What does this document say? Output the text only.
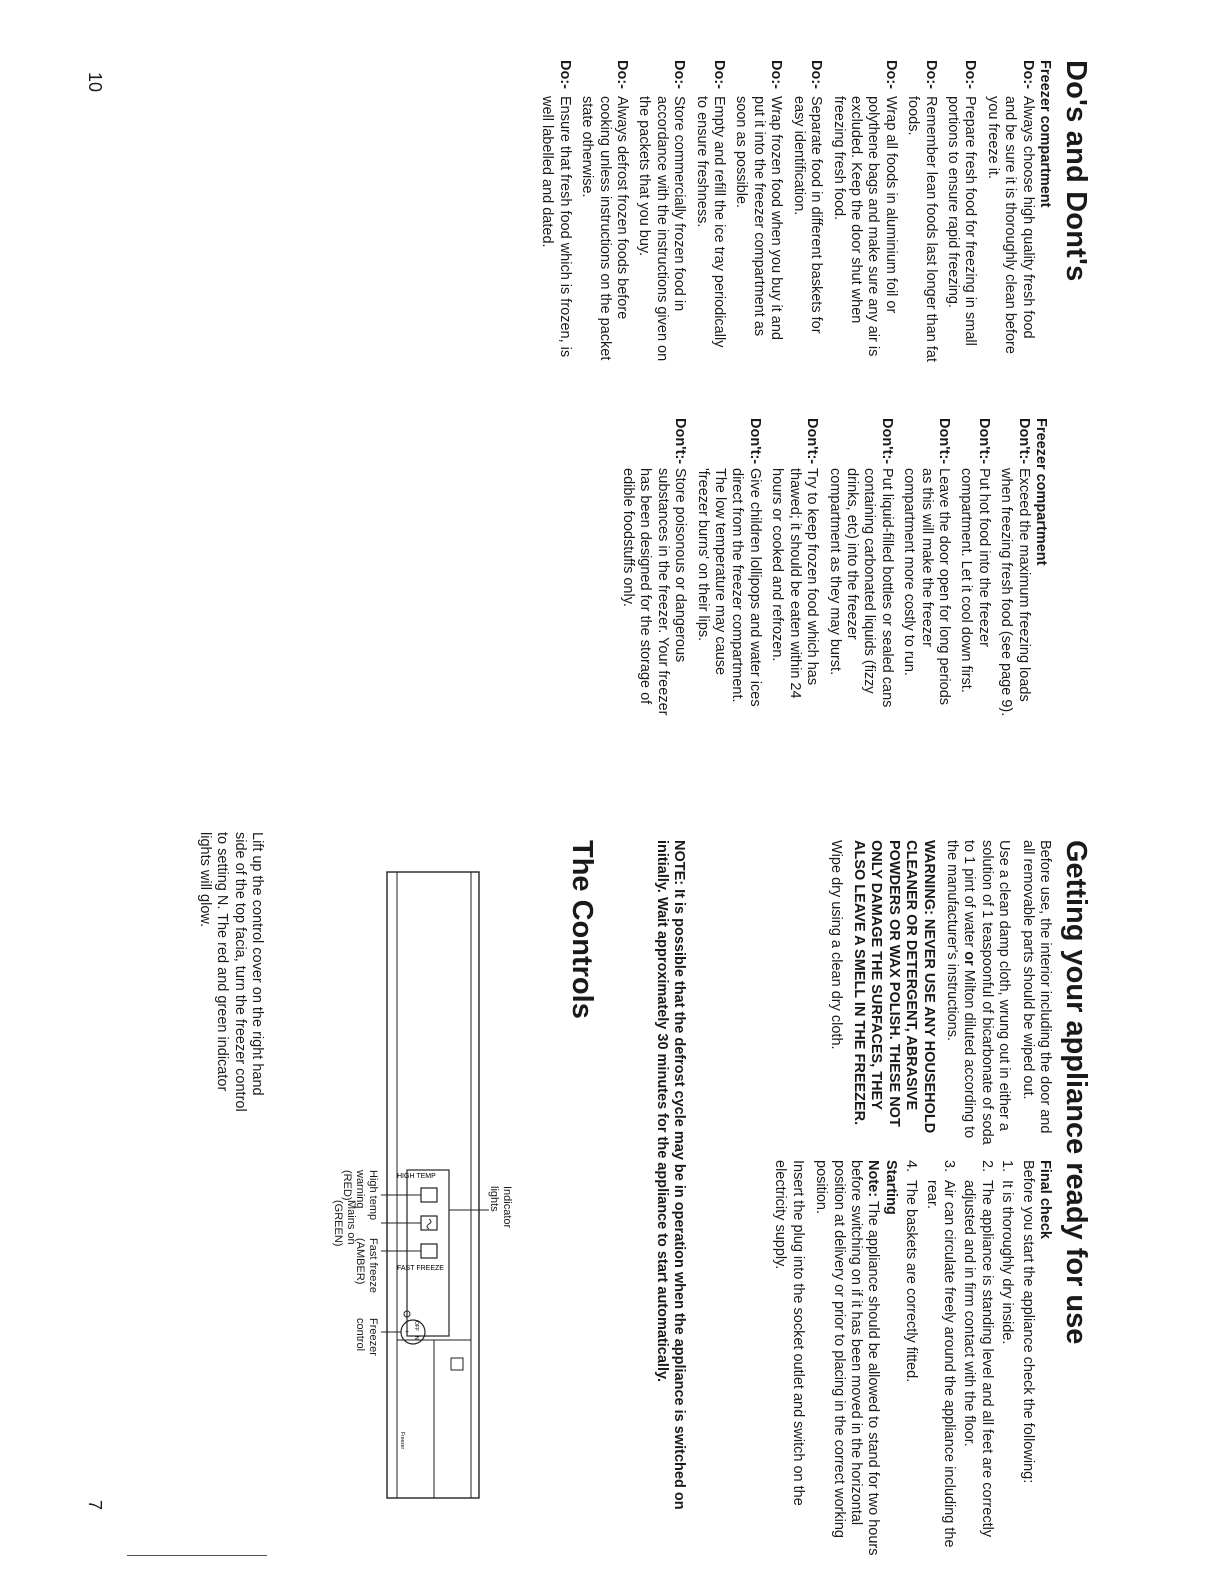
10
7
Do's and Dont's
Freezer compartment
Do:-
Always choose high quality fresh food and be sure it is thoroughly clean before you freeze it.
Do:-
Prepare fresh food for freezing in small portions to ensure rapid freezing.
Do:-
Remember lean foods last longer than fat foods.
Do:-
Wrap all foods in aluminium foil or polythene bags and make sure any air is excluded. Keep the door shut when freezing fresh food.
Do:-
Separate food in different baskets for easy identification.
Do:-
Wrap frozen food when you buy it and put it into the freezer compartment as soon as possible.
Do:-
Empty and refill the ice tray periodically to ensure freshness.
Do:-
Store commercially frozen food in accordance with the instructions given on the packets that you buy.
Do:-
Always defrost frozen foods before cooking unless instructions on the packet state otherwise.
Do:-
Ensure that fresh food which is frozen, is well labelled and dated.
Freezer compartment
Don't:-
Exceed the maximum freezing loads when freezing fresh food (see page 9).
Don't:-
Put hot food into the freezer compartment. Let it cool down first.
Don't:-
Leave the door open for long periods as this will make the freezer compartment more costly to run.
Don't:-
Put liquid-filled bottles or sealed cans containing carbonated liquids (fizzy drinks, etc) into the freezer compartment as they may burst.
Don't:-
Try to keep frozen food which has thawed; it should be eaten within 24 hours or cooked and refrozen.
Don't:-
Give children lollipops and water ices direct from the freezer compartment. The low temperature may cause 'freezer burns' on their lips.
Don't:-
Store poisonous or dangerous substances in the freezer. Your freezer has been designed for the storage of edible foodstuffs only.
Getting your appliance ready for use

Before use, the interior including the door and all removable parts should be wiped out.

Use a clean damp cloth, wrung out in either a solution of 1 teaspoonful of bicarbonate of soda to 1 pint of water or Milton diluted according to the manufacturer's instructions.

WARNING: NEVER USE ANY HOUSEHOLD CLEANER OR DETERGENT, ABRASIVE POWDERS OR WAX POLISH. THESE NOT ONLY DAMAGE THE SURFACES, THEY ALSO LEAVE A SMELL IN THE FREEZER.

Wipe dry using a clean dry cloth.

Final check

Before you start the appliance check the following:

1.
It is thoroughly dry inside.
2.
The appliance is standing level and all feet are correctly adjusted and in firm contact with the floor.
3.
Air can circulate freely around the appliance including the rear.
4.
The baskets are correctly fitted.
Starting

Note: The appliance should be allowed to stand for two hours before switching on if it has been moved in the horizontal position at delivery or prior to placing in the correct working position.

Insert the plug into the socket outlet and switch on the electricity supply.

NOTE: It is possible that the defrost cycle may be in operation when the appliance is switched on initially. Wait approximately 30 minutes for the appliance to start automatically.
The Controls
HIGH TEMP
FAST FREEZE
Freezer
OFF
N
+
Indicator lights
High temp warning (RED)
Mains on (GREEN)
Fast freeze (AMBER)
Freezer control
Lift up the control cover on the right hand side of the top facia, turn the freezer control to setting N. The red and green indicator lights will glow.
